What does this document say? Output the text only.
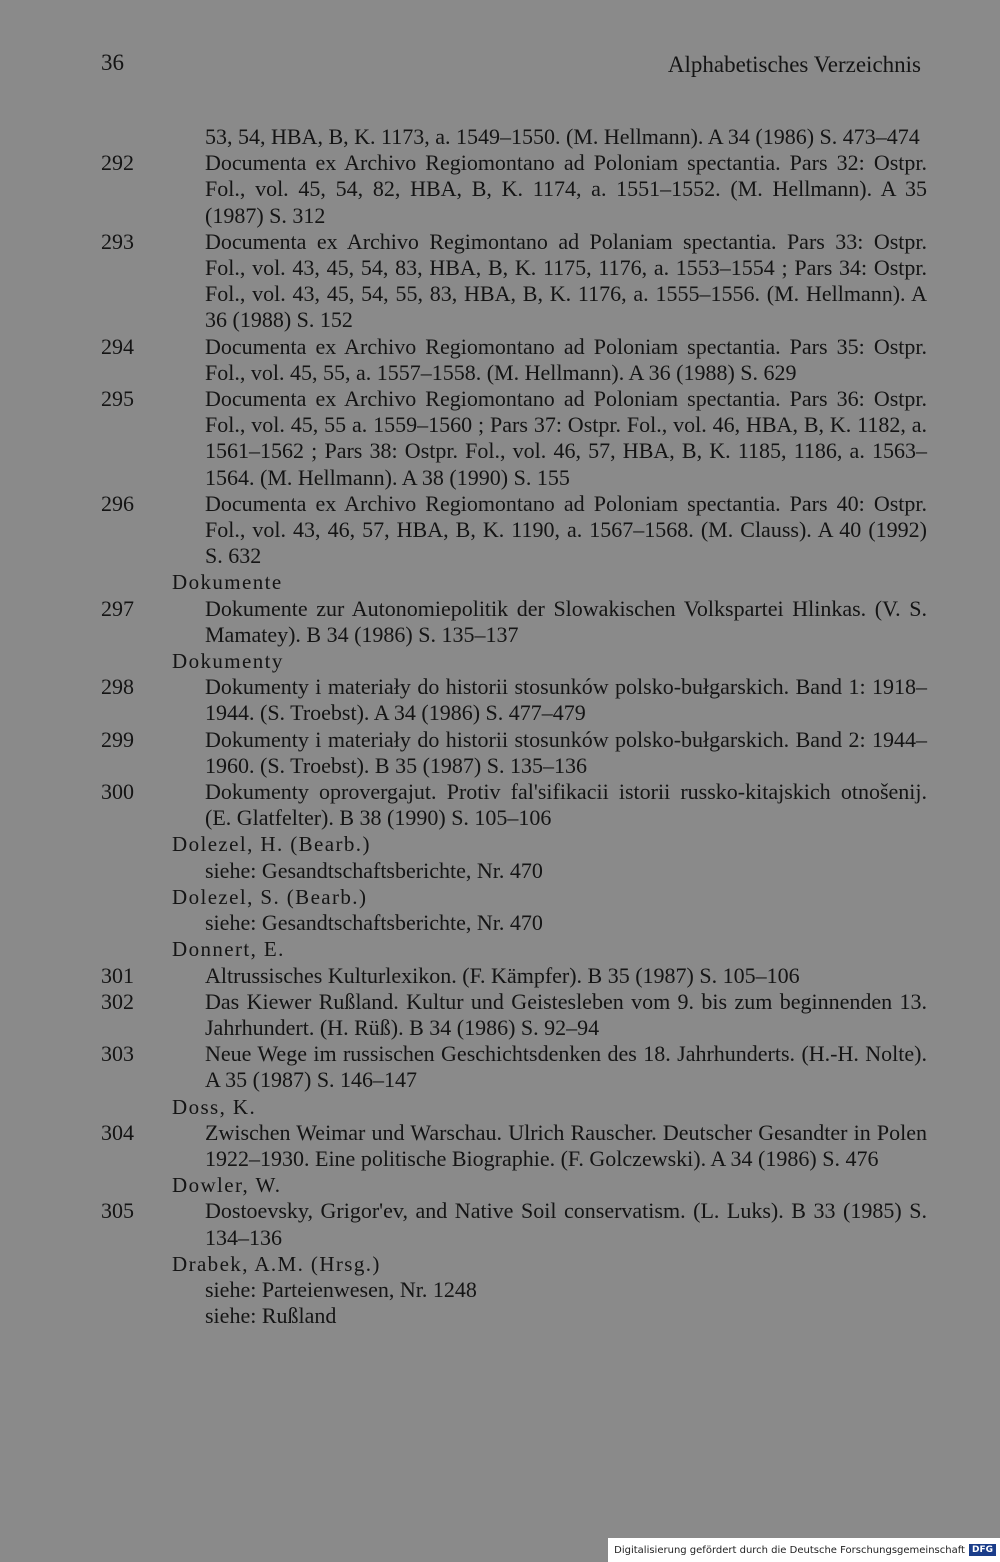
36	Alphabetisches Verzeichnis
53, 54, HBA, B, K. 1173, a. 1549–1550. (M. Hellmann). A 34 (1986) S. 473–474
292	Documenta ex Archivo Regiomontano ad Poloniam spectantia. Pars 32: Ostpr. Fol., vol. 45, 54, 82, HBA, B, K. 1174, a. 1551–1552. (M. Hellmann). A 35 (1987) S. 312
293	Documenta ex Archivo Regimontano ad Polaniam spectantia. Pars 33: Ostpr. Fol., vol. 43, 45, 54, 83, HBA, B, K. 1175, 1176, a. 1553–1554 ; Pars 34: Ostpr. Fol., vol. 43, 45, 54, 55, 83, HBA, B, K. 1176, a. 1555–1556. (M. Hellmann). A 36 (1988) S. 152
294	Documenta ex Archivo Regiomontano ad Poloniam spectantia. Pars 35: Ostpr. Fol., vol. 45, 55, a. 1557–1558. (M. Hellmann). A 36 (1988) S. 629
295	Documenta ex Archivo Regiomontano ad Poloniam spectantia. Pars 36: Ostpr. Fol., vol. 45, 55 a. 1559–1560 ; Pars 37: Ostpr. Fol., vol. 46, HBA, B, K. 1182, a. 1561–1562 ; Pars 38: Ostpr. Fol., vol. 46, 57, HBA, B, K. 1185, 1186, a. 1563–1564. (M. Hellmann). A 38 (1990) S. 155
296	Documenta ex Archivo Regiomontano ad Poloniam spectantia. Pars 40: Ostpr. Fol., vol. 43, 46, 57, HBA, B, K. 1190, a. 1567–1568. (M. Clauss). A 40 (1992) S. 632
Dokumente
297	Dokumente zur Autonomiepolitik der Slowakischen Volkspartei Hlinkas. (V. S. Mamatey). B 34 (1986) S. 135–137
Dokumenty
298	Dokumenty i materiały do historii stosunków polsko-bułgarskich. Band 1: 1918–1944. (S. Troebst). A 34 (1986) S. 477–479
299	Dokumenty i materiały do historii stosunków polsko-bułgarskich. Band 2: 1944–1960. (S. Troebst). B 35 (1987) S. 135–136
300	Dokumenty oprovergajut. Protiv fal'sifikacii istorii russko-kitajskich otnošenij. (E. Glatfelter). B 38 (1990) S. 105–106
Dolezel, H. (Bearb.)
siehe: Gesandtschaftsberichte, Nr. 470
Dolezel, S. (Bearb.)
siehe: Gesandtschaftsberichte, Nr. 470
Donnert, E.
301	Altrussisches Kulturlexikon. (F. Kämpfer). B 35 (1987) S. 105–106
302	Das Kiewer Rußland. Kultur und Geistesleben vom 9. bis zum beginnenden 13. Jahrhundert. (H. Rüß). B 34 (1986) S. 92–94
303	Neue Wege im russischen Geschichtsdenken des 18. Jahrhunderts. (H.-H. Nolte). A 35 (1987) S. 146–147
Doss, K.
304	Zwischen Weimar und Warschau. Ulrich Rauscher. Deutscher Gesandter in Polen 1922–1930. Eine politische Biographie. (F. Golczewski). A 34 (1986) S. 476
Dowler, W.
305	Dostoevsky, Grigor'ev, and Native Soil conservatism. (L. Luks). B 33 (1985) S. 134–136
Drabek, A.M. (Hrsg.)
siehe: Parteienwesen, Nr. 1248
siehe: Rußland
Digitalisierung gefördert durch die Deutsche Forschungsgemeinschaft DFG
